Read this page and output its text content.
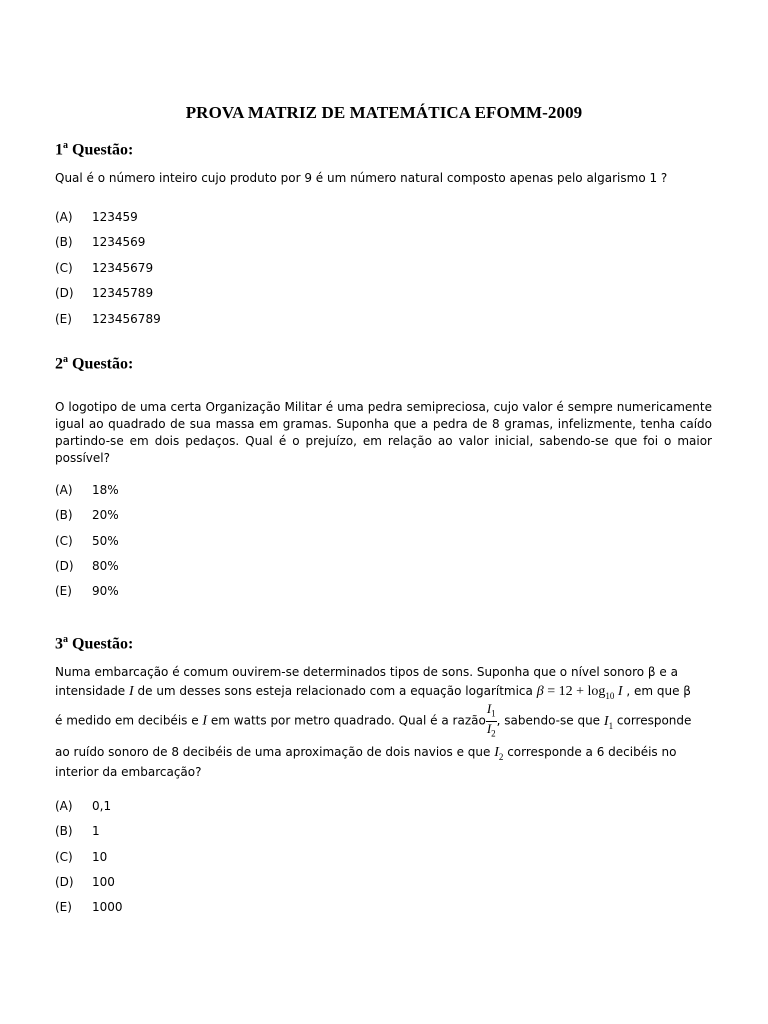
PROVA MATRIZ DE MATEMÁTICA EFOMM-2009
1$^a$ Questão:
Qual é o número inteiro cujo produto por 9 é um número natural composto apenas pelo algarismo 1 ?
(A) 123459
(B) 1234569
(C) 12345679
(D) 12345789
(E) 123456789
2$^a$ Questão:
O logotipo de uma certa Organização Militar é uma pedra semipreciosa, cujo valor é sempre numericamente igual ao quadrado de sua massa em gramas. Suponha que a pedra de 8 gramas, infelizmente, tenha caído partindo-se em dois pedaços. Qual é o prejuízo, em relação ao valor inicial, sabendo-se que foi o maior possível?
(A) 18%
(B) 20%
(C) 50%
(D) 80%
(E) 90%
3$^a$ Questão:
Numa embarcação é comum ouvirem-se determinados tipos de sons. Suponha que o nível sonoro β e a
intensidade I de um desses sons esteja relacionado com a equação logarítmica $\beta = 12 + \log_{10} I$ , em que β
é medido em decibéis e I em watts por metro quadrado. Qual é a razão $\frac{I_1}{I_2}$ , sabendo-se que $I_1$ corresponde
ao ruído sonoro de 8 decibéis de uma aproximação de dois navios e que $I_2$ corresponde a 6 decibéis no
interior da embarcação?
(A) 0,1
(B) 1
(C) 10
(D) 100
(E) 1000
